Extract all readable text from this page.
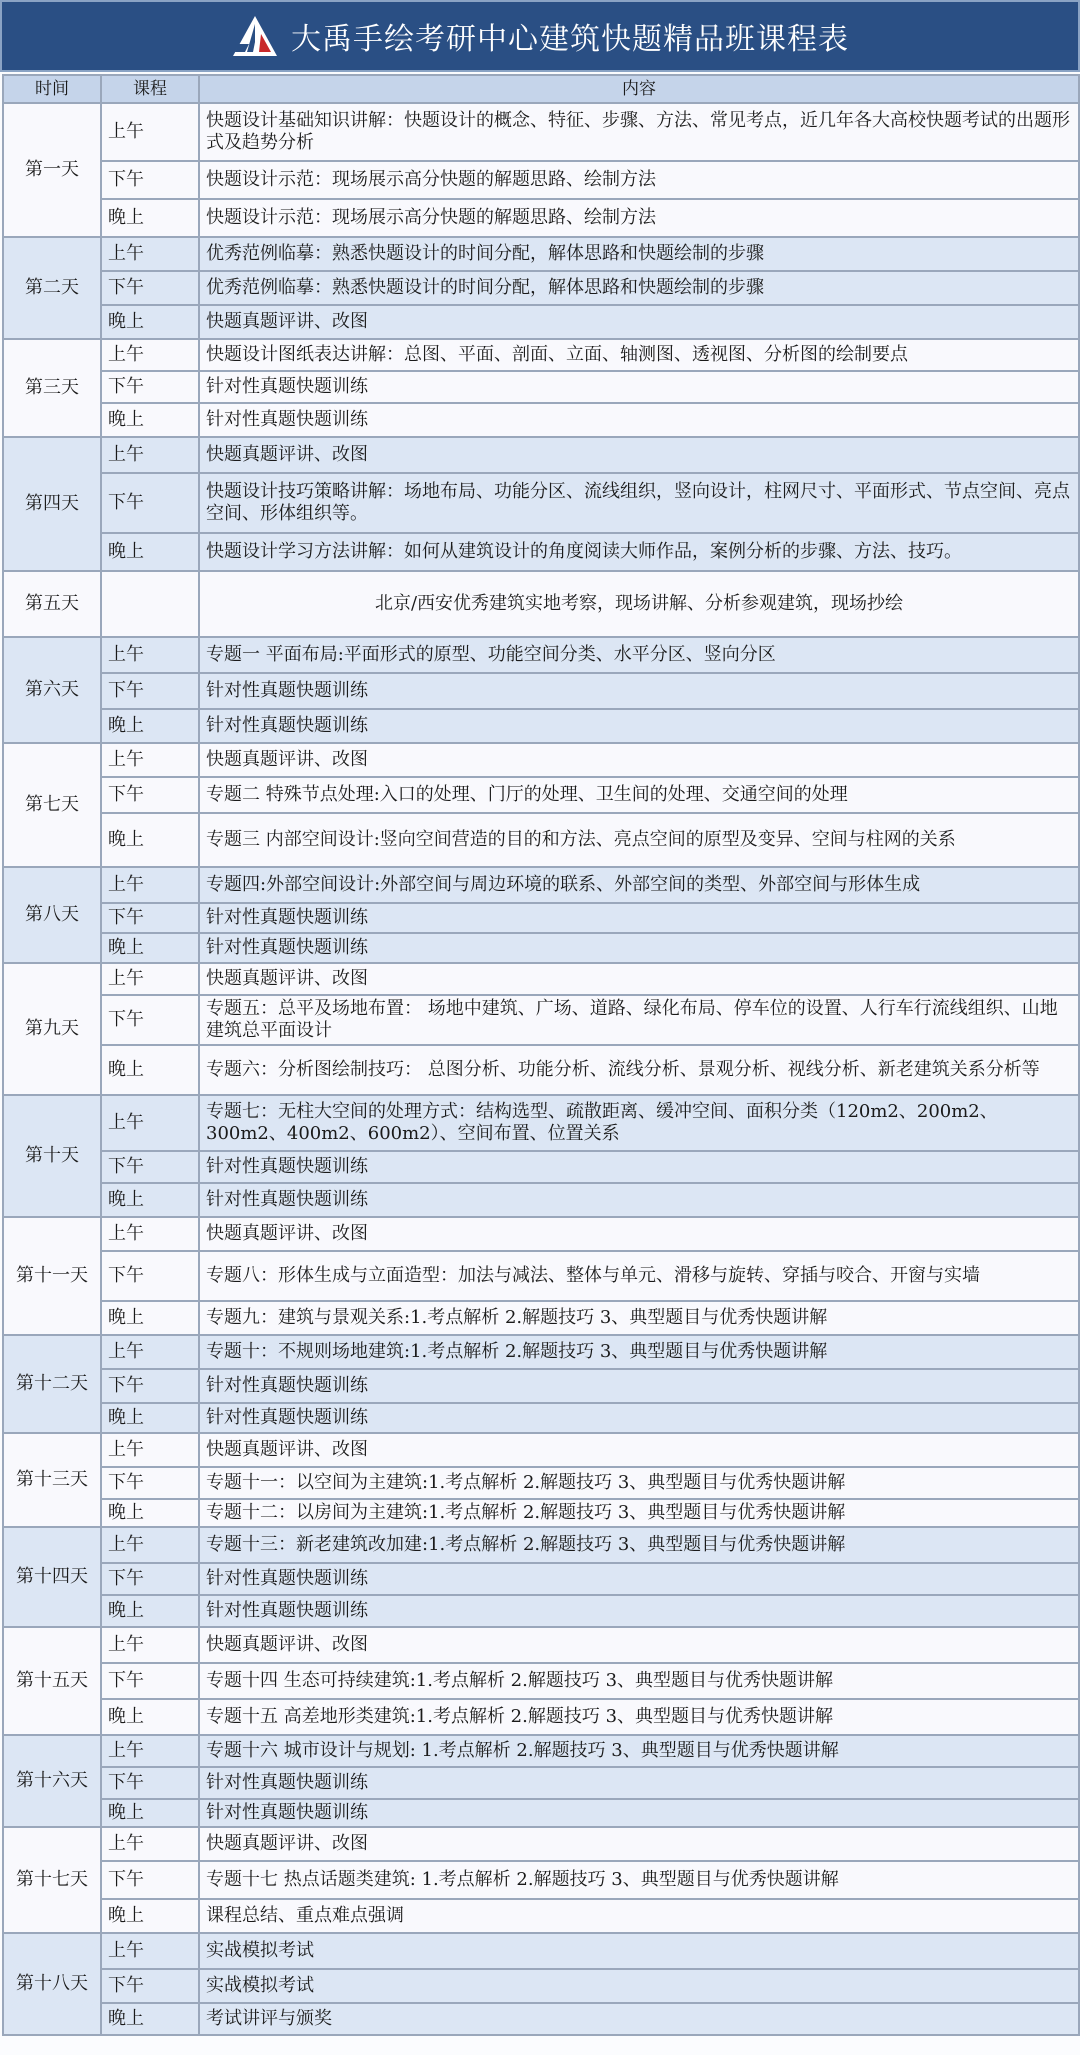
大禹手绘考研中心建筑快题精品班课程表
时间	课程	内容
第一天	上午	快题设计基础知识讲解：快题设计的概念、特征、步骤、方法、常见考点，近几年各大高校快题考试的出题形式及趋势分析
	下午	快题设计示范：现场展示高分快题的解题思路、绘制方法
	晚上	快题设计示范：现场展示高分快题的解题思路、绘制方法
第二天	上午	优秀范例临摹：熟悉快题设计的时间分配，解体思路和快题绘制的步骤
	下午	优秀范例临摹：熟悉快题设计的时间分配，解体思路和快题绘制的步骤
	晚上	快题真题评讲、改图
第三天	上午	快题设计图纸表达讲解：总图、平面、剖面、立面、轴测图、透视图、分析图的绘制要点
	下午	针对性真题快题训练
	晚上	针对性真题快题训练
第四天	上午	快题真题评讲、改图
	下午	快题设计技巧策略讲解：场地布局、功能分区、流线组织，竖向设计，柱网尺寸、平面形式、节点空间、亮点空间、形体组织等。
	晚上	快题设计学习方法讲解：如何从建筑设计的角度阅读大师作品，案例分析的步骤、方法、技巧。
第五天		北京/西安优秀建筑实地考察，现场讲解、分析参观建筑，现场抄绘
第六天	上午	专题一 平面布局:平面形式的原型、功能空间分类、水平分区、竖向分区
	下午	针对性真题快题训练
	晚上	针对性真题快题训练
第七天	上午	快题真题评讲、改图
	下午	专题二 特殊节点处理:入口的处理、门厅的处理、卫生间的处理、交通空间的处理
	晚上	专题三 内部空间设计:竖向空间营造的目的和方法、亮点空间的原型及变异、空间与柱网的关系
第八天	上午	专题四:外部空间设计:外部空间与周边环境的联系、外部空间的类型、外部空间与形体生成
	下午	针对性真题快题训练
	晚上	针对性真题快题训练
第九天	上午	快题真题评讲、改图
	下午	专题五：总平及场地布置： 场地中建筑、广场、道路、绿化布局、停车位的设置、人行车行流线组织、山地建筑总平面设计
	晚上	专题六：分析图绘制技巧： 总图分析、功能分析、流线分析、景观分析、视线分析、新老建筑关系分析等
第十天	上午	专题七：无柱大空间的处理方式：结构选型、疏散距离、缓冲空间、面积分类（120m2、200m2、300m2、400m2、600m2）、空间布置、位置关系
	下午	针对性真题快题训练
	晚上	针对性真题快题训练
第十一天	上午	快题真题评讲、改图
	下午	专题八：形体生成与立面造型：加法与减法、整体与单元、滑移与旋转、穿插与咬合、开窗与实墙
	晚上	专题九：建筑与景观关系:1.考点解析 2.解题技巧 3、典型题目与优秀快题讲解
第十二天	上午	专题十：不规则场地建筑:1.考点解析 2.解题技巧 3、典型题目与优秀快题讲解
	下午	针对性真题快题训练
	晚上	针对性真题快题训练
第十三天	上午	快题真题评讲、改图
	下午	专题十一：以空间为主建筑:1.考点解析 2.解题技巧 3、典型题目与优秀快题讲解
	晚上	专题十二：以房间为主建筑:1.考点解析 2.解题技巧 3、典型题目与优秀快题讲解
第十四天	上午	专题十三：新老建筑改加建:1.考点解析 2.解题技巧 3、典型题目与优秀快题讲解
	下午	针对性真题快题训练
	晚上	针对性真题快题训练
第十五天	上午	快题真题评讲、改图
	下午	专题十四 生态可持续建筑:1.考点解析 2.解题技巧 3、典型题目与优秀快题讲解
	晚上	专题十五 高差地形类建筑:1.考点解析 2.解题技巧 3、典型题目与优秀快题讲解
第十六天	上午	专题十六 城市设计与规划: 1.考点解析 2.解题技巧 3、典型题目与优秀快题讲解
	下午	针对性真题快题训练
	晚上	针对性真题快题训练
第十七天	上午	快题真题评讲、改图
	下午	专题十七 热点话题类建筑: 1.考点解析 2.解题技巧 3、典型题目与优秀快题讲解
	晚上	课程总结、重点难点强调
第十八天	上午	实战模拟考试
	下午	实战模拟考试
	晚上	考试讲评与颁奖
